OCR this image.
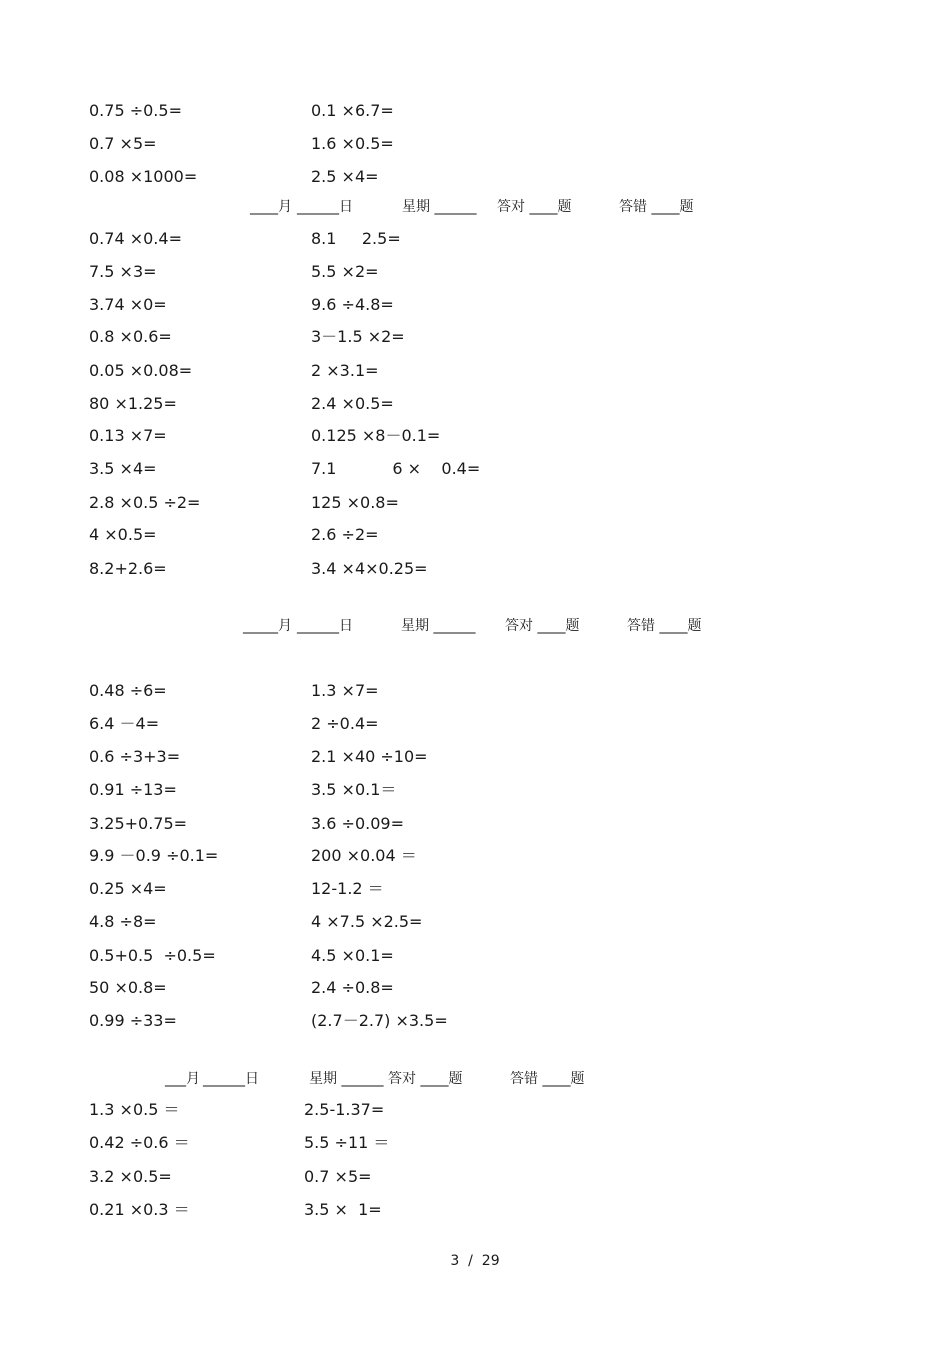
0.75 ÷0.5=	0.1 ×6.7=
0.7 ×5=	1.6 ×0.5=
0.08 ×1000=	2.5 ×4=
____月 ______日	星期 ______ 答对 ____题	答错 ____题
0.74 ×0.4=	8.1     2.5=
7.5 ×3=	5.5 ×2=
3.74 ×0=	9.6 ÷4.8=
0.8 ×0.6=	3－1.5 ×2=
0.05 ×0.08=	2 ×3.1=
80 ×1.25=	2.4 ×0.5=
0.13 ×7=	0.125 ×8－0.1=
3.5 ×4=	7.1           6 ×    0.4=
2.8 ×0.5 ÷2=	125 ×0.8=
4 ×0.5=	2.6 ÷2=
8.2+2.6=	3.4 ×4×0.25=
_____月 ______日	星期 ______ 答对 ____题	答错 ____题
0.48 ÷6=	1.3 ×7=
6.4 －4=	2 ÷0.4=
0.6 ÷3+3=	2.1 ×40 ÷10=
0.91 ÷13=	3.5 ×0.1＝
3.25+0.75=	3.6 ÷0.09=
9.9 －0.9 ÷0.1=	200 ×0.04 ＝
0.25 ×4=	12-1.2 ＝
4.8 ÷8=	4 ×7.5 ×2.5=
0.5+0.5  ÷0.5=	4.5 ×0.1=
50 ×0.8=	2.4 ÷0.8=
0.99 ÷33=	(2.7－2.7) ×3.5=
___月 ______日	星期 ______ 答对 ____题	答错 ____题
1.3 ×0.5 ＝	2.5-1.37=
0.42 ÷0.6 ＝	5.5 ÷11 ＝
3.2 ×0.5=	0.7 ×5=
0.21 ×0.3 ＝	3.5 ×  1=
3  /  29
